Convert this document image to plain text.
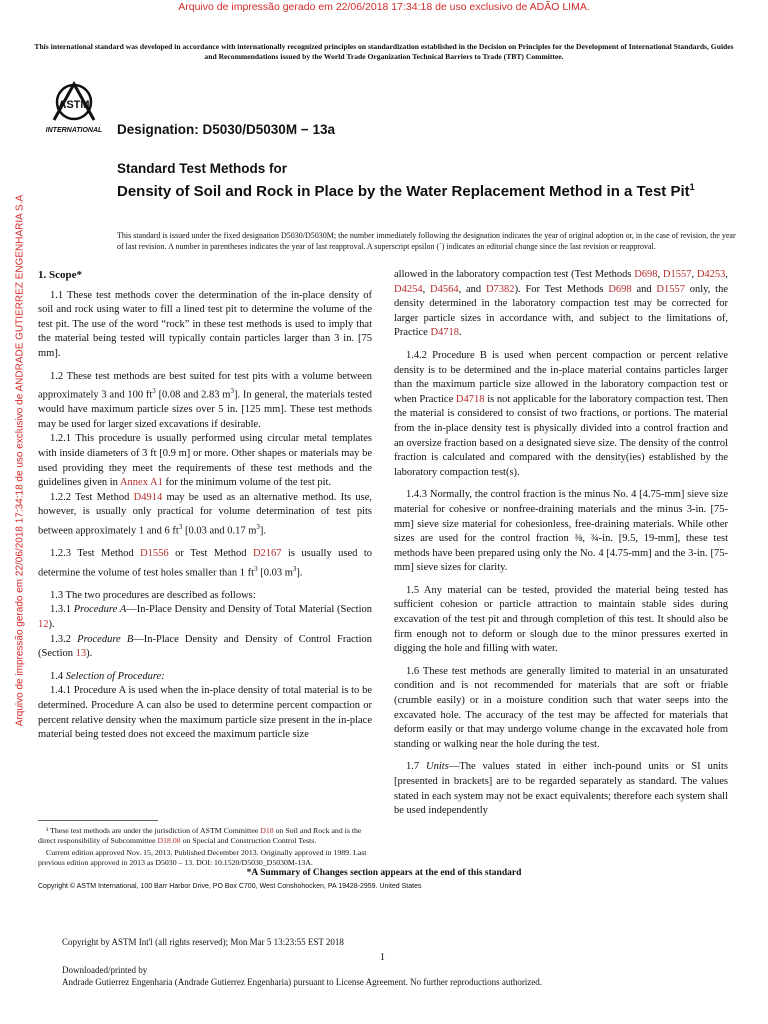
Arquivo de impressão gerado em 22/06/2018 17:34:18 de uso exclusivo de ADÃO LIMA.
Arquivo de impressão gerado em 22/06/2018 17:34:18 de uso exclusivo de ANDRADE GUTIERREZ ENGENHARIA S.A
This international standard was developed in accordance with internationally recognized principles on standardization established in the Decision on Principles for the Development of International Standards, Guides and Recommendations issued by the World Trade Organization Technical Barriers to Trade (TBT) Committee.
ASTM
INTERNATIONAL Designation: D5030/D5030M − 13a
Standard Test Methods for
Density of Soil and Rock in Place by the Water Replacement Method in a Test Pit$^1$
This standard is issued under the fixed designation D5030/D5030M; the number immediately following the designation indicates the year of original adoption or, in the case of revision, the year of last revision. A number in parentheses indicates the year of last reapproval. A superscript epsilon (´) indicates an editorial change since the last revision or reapproval.
1. Scope*

1.1 These test methods cover the determination of the in-place density of soil and rock using water to fill a lined test pit to determine the volume of the test pit. The use of the word “rock” in these test methods is used to imply that the material being tested will typically contain particles larger than 3 in. [75 mm].

1.2 These test methods are best suited for test pits with a volume between approximately 3 and 100 $ft^3$ [0.08 and 2.83 $m^3$]. In general, the materials tested would have maximum particle sizes over 5 in. [125 mm]. These test methods may be used for larger sized excavations if desirable.

1.2.1 This procedure is usually performed using circular metal templates with inside diameters of 3 ft [0.9 m] or more. Other shapes or materials may be used providing they meet the requirements of these test methods and the guidelines given in Annex A1 for the minimum volume of the test pit.

1.2.2 Test Method D4914 may be used as an alternative method. Its use, however, is usually only practical for volume determination of test pits between approximately 1 and 6 $ft^3$ [0.03 and 0.17 $m^3$].

1.2.3 Test Method D1556 or Test Method D2167 is usually used to determine the volume of test holes smaller than 1 $ft^3$ [0.03 $m^3$].

1.3 The two procedures are described as follows:

1.3.1 Procedure A—In-Place Density and Density of Total Material (Section 12).

1.3.2 Procedure B—In-Place Density and Density of Control Fraction (Section 13).

1.4 Selection of Procedure:

1.4.1 Procedure A is used when the in-place density of total material is to be determined. Procedure A can also be used to determine percent compaction or percent relative density when the maximum particle size present in the in-place material being tested does not exceed the maximum particle size

allowed in the laboratory compaction test (Test Methods D698, D1557, D4253, D4254, D4564, and D7382). For Test Methods D698 and D1557 only, the density determined in the laboratory compaction test may be corrected for larger particle sizes in accordance with, and subject to the limitations of, Practice D4718.

1.4.2 Procedure B is used when percent compaction or percent relative density is to be determined and the in-place material contains particles larger than the maximum particle size allowed in the laboratory compaction test or when Practice D4718 is not applicable for the laboratory compaction test. Then the material is considered to consist of two fractions, or portions. The material from the in-place density test is physically divided into a control fraction and an oversize fraction based on a designated sieve size. The density of the control fraction is calculated and compared with the density(ies) established by the laboratory compaction test(s).

1.4.3 Normally, the control fraction is the minus No. 4 [4.75-mm] sieve size material for cohesive or nonfree-draining materials and the minus 3-in. [75-mm] sieve size material for cohesionless, free-draining materials. While other sizes are used for the control fraction ⅜, ¾-in. [9.5, 19-mm], these test methods have been prepared using only the No. 4 [4.75-mm] and the 3-in. [75-mm] sieve sizes for clarity.

1.5 Any material can be tested, provided the material being tested has sufficient cohesion or particle attraction to maintain stable sides during excavation of the test pit and through completion of this test. It should also be firm enough not to deform or slough due to the minor pressures exerted in digging the hole and filling with water.

1.6 These test methods are generally limited to material in an unsaturated condition and is not recommended for materials that are soft or friable (crumble easily) or in a moisture condition such that water seeps into the excavated hole. The accuracy of the test may be affected for materials that deform easily or that may undergo volume change in the excavated hole from standing or walking near the hole during the test.

1.7 Units—The values stated in either inch-pound units or SI units [presented in brackets] are to be regarded separately as standard. The values stated in each system may not be exact equivalents; therefore each system shall be used independently

¹ These test methods are under the jurisdiction of ASTM Committee D18 on Soil and Rock and is the direct responsibility of Subcommittee D18.08 on Special and Construction Control Tests.

Current edition approved Nov. 15, 2013. Published December 2013. Originally approved in 1989. Last previous edition approved in 2013 as D5030 – 13. DOI: 10.1520/D5030_D5030M-13A.

*A Summary of Changes section appears at the end of this standard
Copyright © ASTM International, 100 Barr Harbor Drive, PO Box C700, West Conshohocken, PA 19428-2959. United States
Copyright by ASTM Int'l (all rights reserved); Mon Mar 5 13:23:55 EST 2018
1
Downloaded/printed by
Andrade Gutierrez Engenharia (Andrade Gutierrez Engenharia) pursuant to License Agreement. No further reproductions authorized.
